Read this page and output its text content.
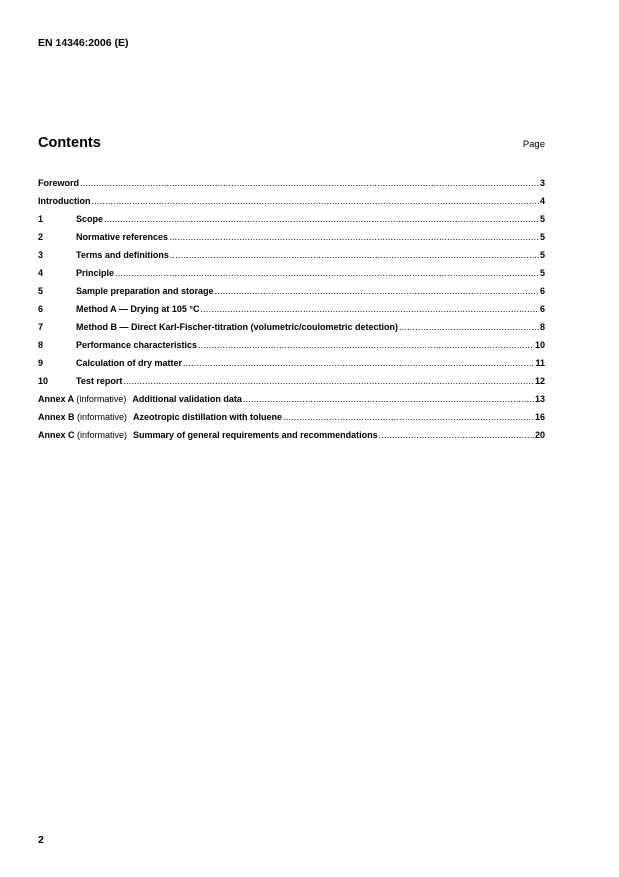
EN 14346:2006 (E)
Contents	Page
Foreword .....	3
Introduction .....	4
1	Scope .....	5
2	Normative references .....	5
3	Terms and definitions .....	5
4	Principle .....	5
5	Sample preparation and storage .....	6
6	Method A — Drying at 105 °C .....	6
7	Method B — Direct Karl-Fischer-titration (volumetric/coulometric detection) .....	8
8	Performance characteristics .....	10
9	Calculation of dry matter .....	11
10	Test report .....	12
Annex A (informative) Additional validation data .....	13
Annex B (informative) Azeotropic distillation with toluene .....	16
Annex C (informative) Summary of general requirements and recommendations .....	20
2
